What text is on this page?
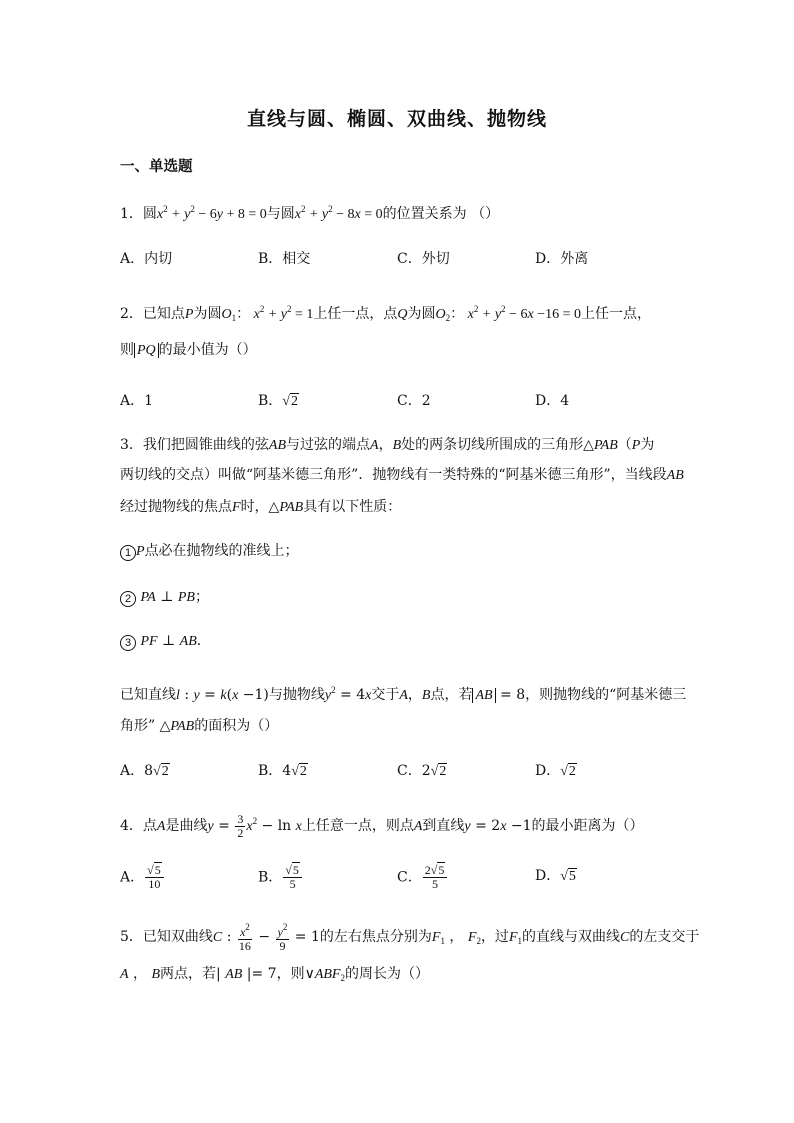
直线与圆、椭圆、双曲线、抛物线
一、单选题
1．圆$x^2 + y^2 - 6y + 8 = 0$与圆$x^2 + y^2 - 8x = 0$的位置关系为 （）
A．内切	B．相交	C．外切	D．外离
2．已知点P为圆$O_1$： $x^2 + y^2 = 1$上任一点，点Q为圆$O_2$： $x^2 + y^2 - 6x -16 = 0$上任一点，
则 PQ 的最小值为（）
A．1	B．√2	C．2	D．4
3．我们把圆锥曲线的弦AB与过弦的端点A，B处的两条切线所围成的三角形△PAB（P为
两切线的交点）叫做“阿基米德三角形”．抛物线有一类特殊的“阿基米德三角形”，当线段AB
经过抛物线的焦点F时，△PAB具有以下性质：
1 P点必在抛物线的准线上；
2 PA ⊥ PB；
3 PF ⊥ AB．
已知直线l : y = k(x −1)与抛物线$y^2 = 4x$交于A，B点，若 AB = 8，则抛物线的“阿基米德三
角形” △PAB的面积为（）
A．8√2	B．4√2	C．2√2	D．√2
4．点A是曲线$y = \frac{3}{2} x^2 - \ln x$上任意一点，则点A到直线y = 2x −1的最小距离为（）
A． $\frac{√5}{10}$	B． $\frac{√5}{5}$	C． $\frac{2√5}{5}$	D．√5
5．已知双曲线C : $\frac{x^2}{16} - \frac{y^2}{9} = 1$的左右焦点分别为$F_1$ ， $F_2$，过$F_1$的直线与双曲线C的左支交于
A ， B两点，若| AB |= 7，则$\vee ABF_2$的周长为（）
